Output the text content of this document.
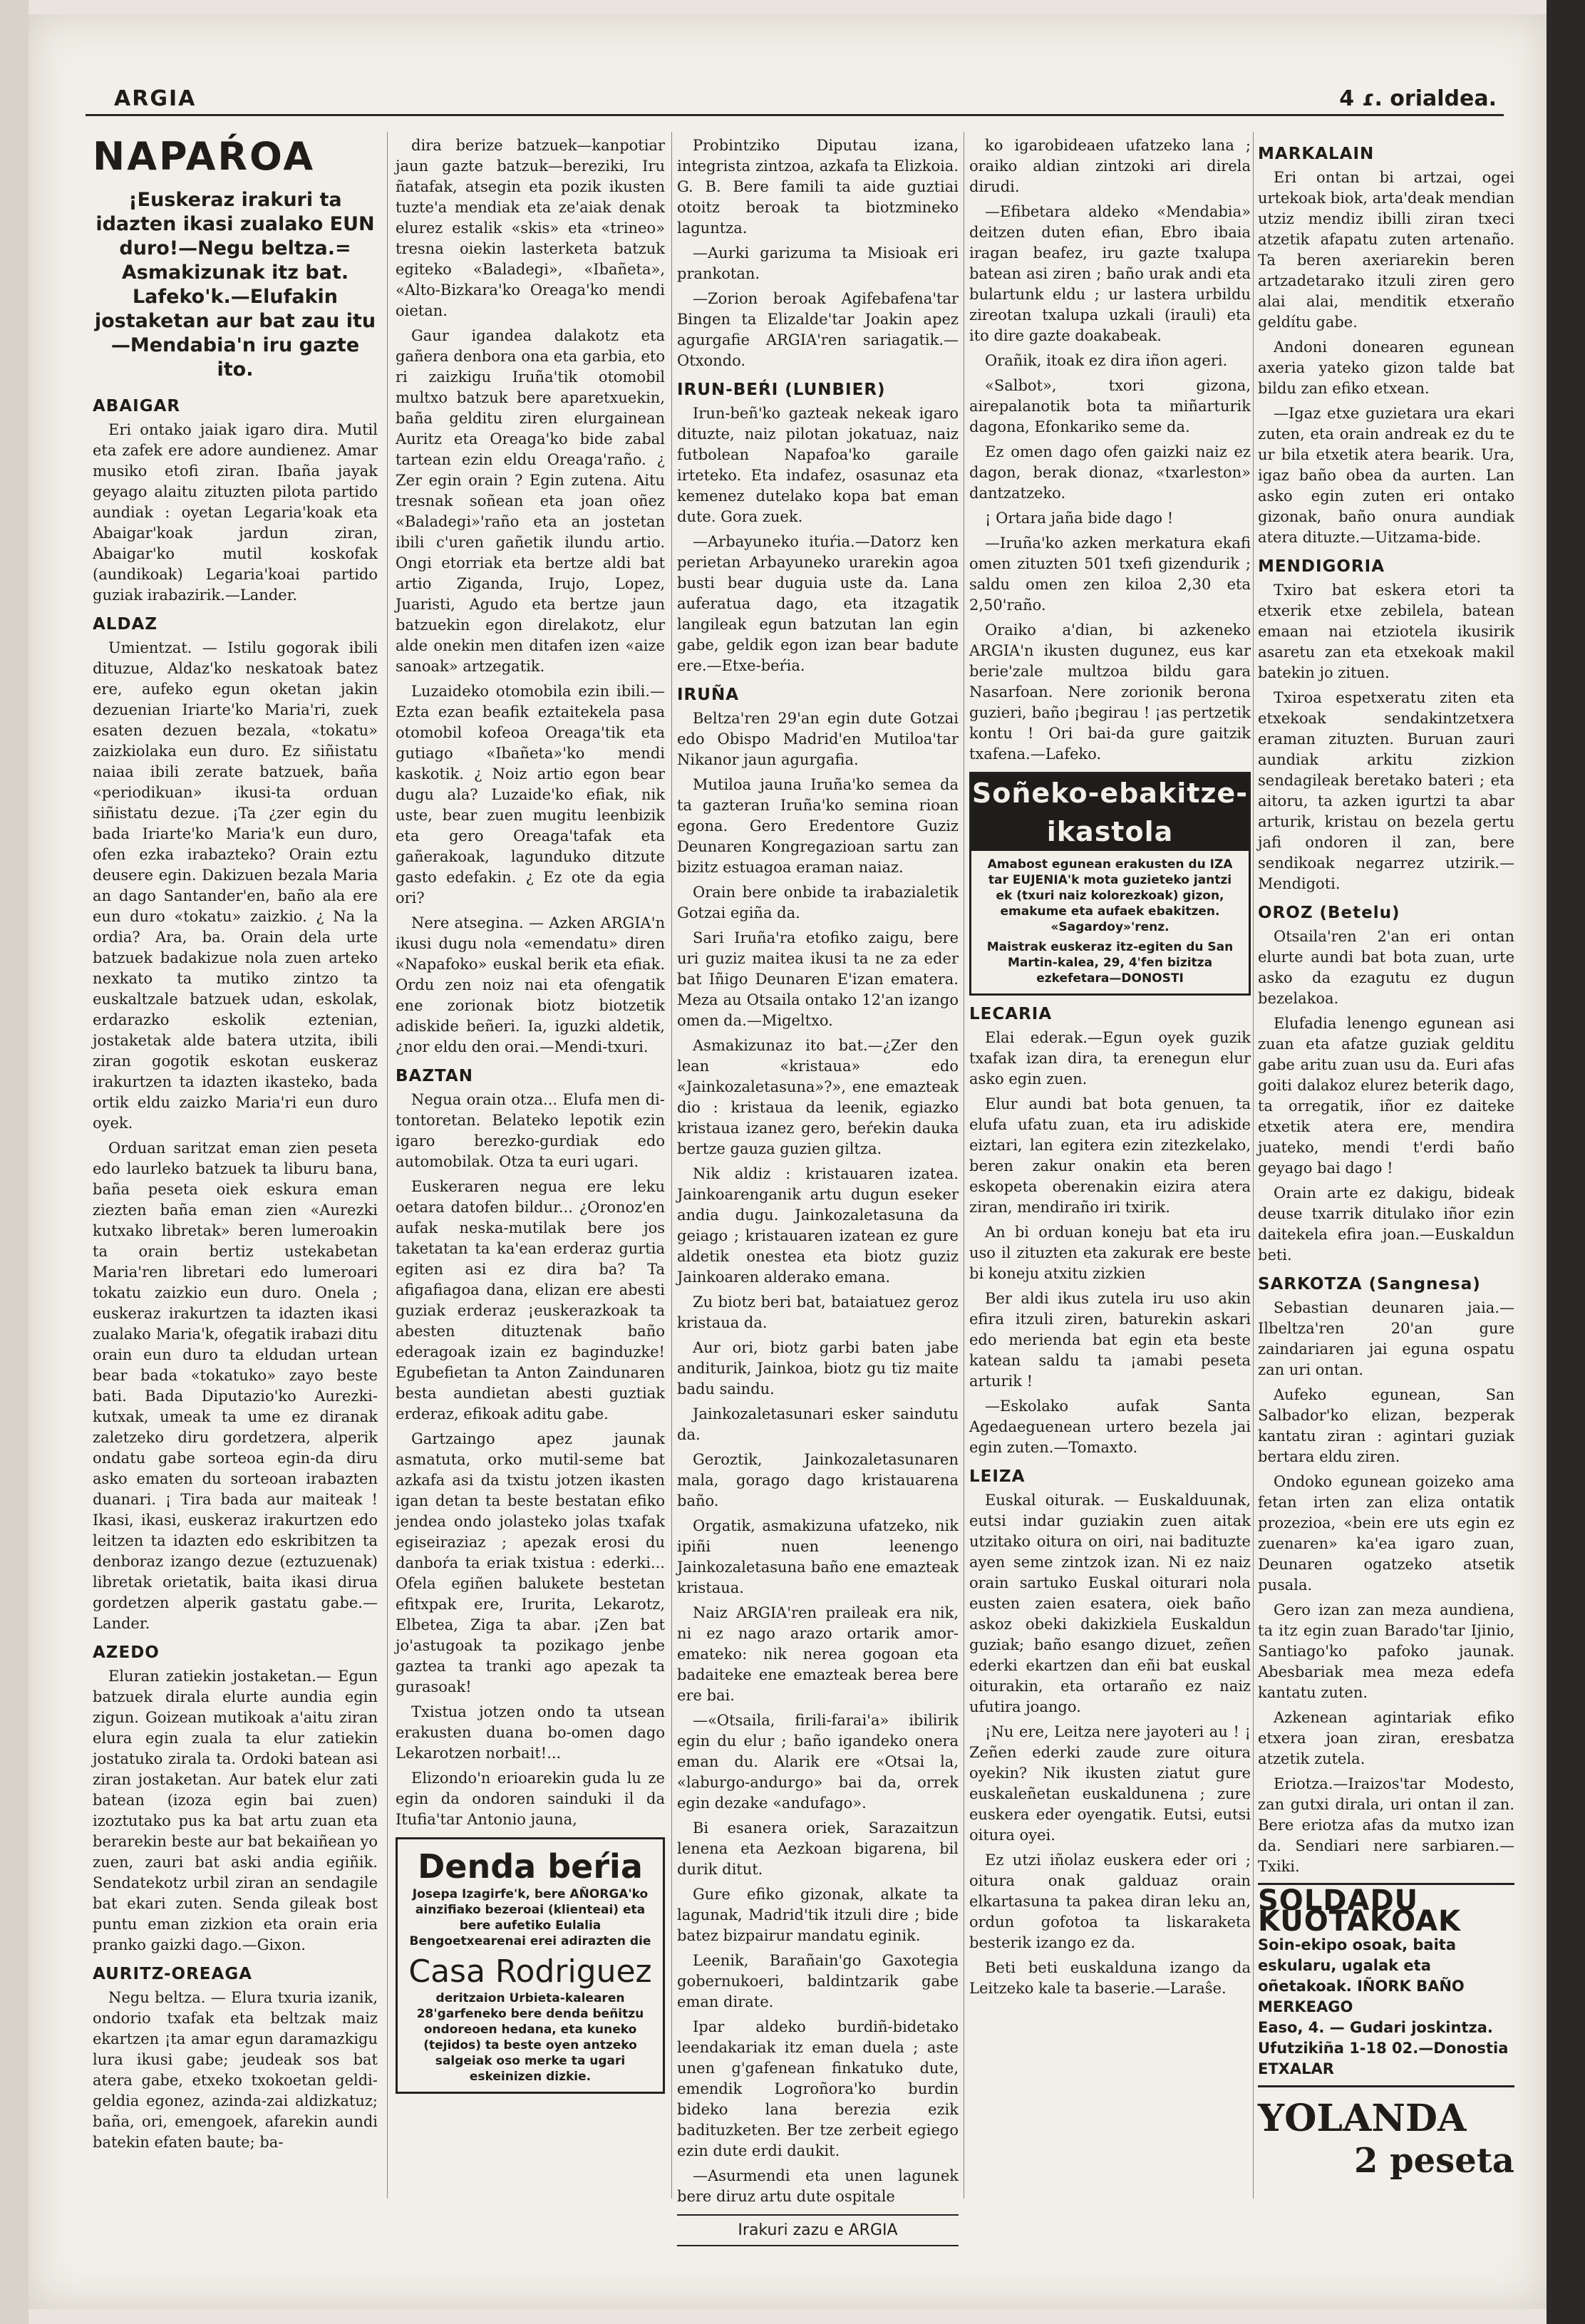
ARGIA	4 ɾ. orialdea.
NAPAŔOA
¡Euskeraz irakuri ta idazten ikasi zualako EUN duro!—Negu beltza.= Asmakizunak itz bat. Lafeko'k.—Elufakin jostaketan aur bat zau itu —Mendabia'n iru gazte ito.
ABAIGAR

Eri ontako jaiak igaro dira. Mutil eta zafek ere adore aundienez. Amar musiko etofi ziran. Ibaña jayak geyago alaitu zituzten pilota partido aundiak : oyetan Legaria'koak eta Abaigar'koak jardun ziran, Abaigar'ko mutil koskofak (aundikoak) Legaria'koai partido guziak irabazirik.—Lander.

ALDAZ

Umientzat. — Istilu gogorak ibili dituzue, Aldaz'ko neskatoak batez ere, aufeko egun oketan jakin dezuenian Iriarte'ko Maria'ri, zuek esaten dezuen bezala, «tokatu» zaizkiolaka eun duro. Ez siñistatu naiaa ibili zerate batzuek, baña «periodikuan» ikusi-ta orduan siñistatu dezue. ¡Ta ¿zer egin du bada Iriarte'ko Maria'k eun duro, ofen ezka irabazteko? Orain eztu deusere egin. Dakizuen bezala Maria an dago Santander'en, baño ala ere eun duro «tokatu» zaizkio. ¿ Na la ordia? Ara, ba. Orain dela urte batzuek badakizue nola zuen arteko nexkato ta mutiko zintzo ta euskaltzale batzuek udan, eskolak, erdarazko eskolik eztenian, jostaketak alde batera utzita, ibili ziran gogotik eskotan euskeraz irakurtzen ta idazten ikasteko, bada ortik eldu zaizko Maria'ri eun duro oyek.

Orduan saritzat eman zien peseta edo laurleko batzuek ta liburu bana, baña peseta oiek eskura eman ziezten baña eman zien «Aurezki kutxako libretak» beren lumeroakin ta orain bertiz ustekabetan Maria'ren libretari edo lumeroari tokatu zaizkio eun duro. Onela ; euskeraz irakurtzen ta idazten ikasi zualako Maria'k, ofegatik irabazi ditu orain eun duro ta eldudan urtean bear bada «tokatuko» zayo beste bati. Bada Diputazio'ko Aurezki-kutxak, umeak ta ume ez diranak zaletzeko diru gordetzera, alperik ondatu gabe sorteoa egin-da diru asko ematen du sorteoan irabazten duanari. ¡ Tira bada aur maiteak ! Ikasi, ikasi, euskeraz irakurtzen edo leitzen ta idazten edo eskribitzen ta denboraz izango dezue (eztuzuenak) libretak orietatik, baita ikasi dirua gordetzen alperik gastatu gabe.—Lander.

AZEDO

Eluran zatiekin jostaketan.— Egun batzuek dirala elurte aundia egin zigun. Goizean mutikoak a'aitu ziran elura egin zuala ta elur zatiekin jostatuko zirala ta. Ordoki batean asi ziran jostaketan. Aur batek elur zati batean (izoza egin bai zuen) izoztutako pus ka bat artu zuan eta berarekin beste aur bat bekaiñean yo zuen, zauri bat aski andia egiñik. Sendatekotz urbil ziran an sendagile bat ekari zuten. Senda gileak bost puntu eman zizkion eta orain eria pranko gaizki dago.—Gixon.

AURITZ-OREAGA

Negu beltza. — Elura txuria izanik, ondorio txafak eta beltzak maiz ekartzen ¡ta amar egun daramazkigu lura ikusi gabe; jeudeak sos bat atera gabe, etxeko txokoetan geldi-geldia egonez, azinda-zai aldizkatuz; baña, ori, emengoek, afarekin aundi batekin efaten baute; ba-

dira berize batzuek—kanpotiar jaun gazte batzuk—bereziki, Iru ñatafak, atsegin eta pozik ikusten tuzte'a mendiak eta ze'aiak denak elurez estalik «skis» eta «trineo» tresna oiekin lasterketa batzuk egiteko «Baladegi», «Ibañeta», «Alto-Bizkara'ko Oreaga'ko mendi oietan.

Gaur igandea dalakotz eta gañera denbora ona eta garbia, eto ri zaizkigu Iruña'tik otomobil multxo batzuk bere aparetxuekin, baña gelditu ziren elurgainean Auritz eta Oreaga'ko bide zabal tartean ezin eldu Oreaga'raño. ¿ Zer egin orain ? Egin zutena. Aitu tresnak soñean eta joan oñez «Baladegi»'raño eta an jostetan ibili c'uren gañetik ilundu artio. Ongi etorriak eta bertze aldi bat artio Ziganda, Irujo, Lopez, Juaristi, Agudo eta bertze jaun batzuekin egon direlakotz, elur alde onekin men ditafen izen «aize sanoak» artzegatik.

Luzaideko otomobila ezin ibili.—Ezta ezan beafik eztaitekela pasa otomobil kofeoa Oreaga'tik eta gutiago «Ibañeta»'ko mendi kaskotik. ¿ Noiz artio egon bear dugu ala? Luzaide'ko efiak, nik uste, bear zuen mugitu leenbizik eta gero Oreaga'tafak eta gañerakoak, lagunduko ditzute gasto edefakin. ¿ Ez ote da egia ori?

Nere atsegina. — Azken ARGIA'n ikusi dugu nola «emendatu» diren «Napafoko» euskal berik eta efiak. Ordu zen noiz nai eta ofengatik ene zorionak biotz biotzetik adiskide beñeri. Ia, iguzki aldetik, ¿nor eldu den orai.—Mendi-txuri.

BAZTAN

Negua orain otza... Elufa men di-tontoretan. Belateko lepotik ezin igaro berezko-gurdiak edo automobilak. Otza ta euri ugari.

Euskeraren negua ere leku oetara datofen bildur... ¿Oronoz'en aufak neska-mutilak bere jos taketatan ta ka'ean erderaz gurtia egiten asi ez dira ba? Ta afigafiagoa dana, elizan ere abesti guziak erderaz ¡euskerazkoak ta abesten dituztenak baño ederagoak izain ez baginduzke! Egubefietan ta Anton Zaindunaren besta aundietan abesti guztiak erderaz, efikoak aditu gabe.

Gartzaingo apez jaunak asmatuta, orko mutil-seme bat azkafa asi da txistu jotzen ikasten igan detan ta beste bestatan efiko jendea ondo jolasteko jolas txafak egiseiraziaz ; apezak erosi du danboŕa ta eriak txistua : ederki... Ofela egiñen balukete bestetan efitxpak ere, Irurita, Lekarotz, Elbetea, Ziga ta abar. ¡Zen bat jo'astugoak ta pozikago jenbe gaztea ta tranki ago apezak ta gurasoak!

Txistua jotzen ondo ta utsean erakusten duana bo-omen dago Lekarotzen norbait!...

Elizondo'n erioarekin guda lu ze egin da ondoren sainduki il da Itufia'tar Antonio jauna,

Denda beŕia
Josepa Izagirfe'k, bere AÑORGA'ko ainzifiako bezeroai (klienteai) eta bere aufetiko Eulalia Bengoetxearenai erei adirazten die
Casa Rodriguez
deritzaion Urbieta-kalearen 28'garfeneko bere denda beñitzu ondoreoen hedana, eta kuneko (tejidos) ta beste oyen antzeko salgeiak oso merke ta ugari eskeinizen dizkie.

Probintziko Diputau izana, integrista zintzoa, azkafa ta Elizkoia. G. B. Bere famili ta aide guztiai otoitz beroak ta biotzmineko laguntza.

—Aurki garizuma ta Misioak eri prankotan.

—Zorion beroak Agifebafena'tar Bingen ta Elizalde'tar Joakin apez agurgafie ARGIA'ren sariagatik.—Otxondo.

IRUN-BEŔI (LUNBIER)

Irun-beñ'ko gazteak nekeak igaro dituzte, naiz pilotan jokatuaz, naiz futbolean Napafoa'ko garaile irteteko. Eta indafez, osasunaz eta kemenez dutelako kopa bat eman dute. Gora zuek.

—Arbayuneko ituŕia.—Datorz ken perietan Arbayuneko urarekin agoa busti bear duguia uste da. Lana auferatua dago, eta itzagatik langileak egun batzutan lan egin gabe, geldik egon izan bear badute ere.—Etxe-beŕia.

IRUÑA

Beltza'ren 29'an egin dute Gotzai edo Obispo Madrid'en Mutiloa'tar Nikanor jaun agurgafia.

Mutiloa jauna Iruña'ko semea da ta gazteran Iruña'ko semina rioan egona. Gero Eredentore Guziz Deunaren Kongregazioan sartu zan bizitz estuagoa eraman naiaz.

Orain bere onbide ta irabazialetik Gotzai egiña da.

Sari Iruña'ra etofiko zaigu, bere uri guziz maitea ikusi ta ne za eder bat Iñigo Deunaren E'izan ematera. Meza au Otsaila ontako 12'an izango omen da.—Migeltxo.

Asmakizunaz ito bat.—¿Zer den lean «kristaua» edo «Jainkozaletasuna»?», ene emazteak dio : kristaua da leenik, egiazko kristaua izanez gero, beŕekin dauka bertze gauza guzien giltza.

Nik aldiz : kristauaren izatea. Jainkoarenganik artu dugun eseker andia dugu. Jainkozaletasuna da geiago ; kristauaren izatean ez gure aldetik onestea eta biotz guziz Jainkoaren alderako emana.

Zu biotz beri bat, bataiatuez geroz kristaua da.

Aur ori, biotz garbi baten jabe anditurik, Jainkoa, biotz gu tiz maite badu saindu.

Jainkozaletasunari esker saindutu da.

Geroztik, Jainkozaletasunaren mala, gorago dago kristauarena baño.

Orgatik, asmakizuna ufatzeko, nik ipiñi nuen leenengo Jainkozaletasuna baño ene emazteak kristaua.

Naiz ARGIA'ren praileak era nik, ni ez nago arazo ortarik amor-emateko: nik nerea gogoan eta badaiteke ene emazteak berea bere ere bai.

—«Otsaila, firili-farai'a» ibilirik egin du elur ; baño igandeko onera eman du. Alarik ere «Otsai la, «laburgo-andurgo» bai da, orrek egin dezake «andufago».

Bi esanera oriek, Sarazaitzun lenena eta Aezkoan bigarena, bil durik ditut.

Gure efiko gizonak, alkate ta lagunak, Madrid'tik itzuli dire ; bide batez bizpairur mandatu eginik.

Leenik, Barañain'go Gaxotegia gobernukoeri, baldintzarik gabe eman dirate.

Ipar aldeko burdiñ-bidetako leendakariak itz eman duela ; aste unen g'gafenean finkatuko dute, emendik Logroñora'ko burdin bideko lana berezia ezik badituzketen. Ber tze zerbeit egiego ezin dute erdi daukit.

—Asurmendi eta unen lagunek bere diruz artu dute ospitale

Irakuri zazu e ARGIA

ko igarobideaen ufatzeko lana ; oraiko aldian zintzoki ari direla dirudi.

—Efibetara aldeko «Mendabia» deitzen duten efian, Ebro ibaia iragan beafez, iru gazte txalupa batean asi ziren ; baño urak andi eta bulartunk eldu ; ur lastera urbildu zireotan txalupa uzkali (irauli) eta ito dire gazte doakabeak.

Orañik, itoak ez dira iñon ageri.

«Salbot», txori gizona, airepalanotik bota ta miñarturik dagona, Efonkariko seme da.

Ez omen dago ofen gaizki naiz ez dagon, berak dionaz, «txarleston» dantzatzeko.

¡ Ortara jaña bide dago !

—Iruña'ko azken merkatura ekafi omen zituzten 501 txefi gizendurik ; saldu omen zen kiloa 2,30 eta 2,50'raño.

Oraiko a'dian, bi azkeneko ARGIA'n ikusten dugunez, eus kar berie'zale multzoa bildu gara Nasarfoan. Nere zorionik berona guzieri, baño ¡begirau ! ¡as pertzetik kontu ! Ori bai-da gure gaitzik txafena.—Lafeko.

Soñeko-ebakitze-ikastola
Amabost egunean erakusten du IZA tar EUJENIA'k mota guzieteko jantzi ek (txuri naiz kolorezkoak) gizon, emakume eta aufaek ebakitzen. «Sagardoy»'renz.
Maistrak euskeraz itz-egiten du San Martin-kalea, 29, 4'fen bizitza ezkefetara—DONOSTI
LECARIA

Elai ederak.—Egun oyek guzik txafak izan dira, ta erenegun elur asko egin zuen.

Elur aundi bat bota genuen, ta elufa ufatu zuan, eta iru adiskide eiztari, lan egitera ezin zitezkelako, beren zakur onakin eta beren eskopeta oberenakin eizira atera ziran, mendiraño iri txirik.

An bi orduan koneju bat eta iru uso il zituzten eta zakurak ere beste bi koneju atxitu zizkien

Ber aldi ikus zutela iru uso akin efira itzuli ziren, baturekin askari edo merienda bat egin eta beste katean saldu ta ¡amabi peseta arturik !

—Eskolako aufak Santa Agedaeguenean urtero bezela jai egin zuten.—Tomaxto.

LEIZA

Euskal oiturak. — Euskalduunak, eutsi indar guziakin zuen aitak utzitako oitura on oiri, nai badituzte ayen seme zintzok izan. Ni ez naiz orain sartuko Euskal oiturari nola eusten zaien esatera, oiek baño askoz obeki dakizkiela Euskaldun guziak; baño esango dizuet, zeñen ederki ekartzen dan eñi bat euskal oiturakin, eta ortaraño ez naiz ufutira joango.

¡Nu ere, Leitza nere jayoteri au ! ¡ Zeñen ederki zaude zure oitura oyekin? Nik ikusten ziatut gure euskaleñetan euskaldunena ; zure euskera eder oyengatik. Eutsi, eutsi oitura oyei.

Ez utzi iñolaz euskera eder ori ; oitura onak galduaz orain elkartasuna ta pakea diran leku an, ordun gofotoa ta liskaraketa besterik izango ez da.

Beti beti euskalduna izango da Leitzeko kale ta baserie.—Laraŝe.

MARKALAIN

Eri ontan bi artzai, ogei urtekoak biok, arta'deak mendian utziz mendiz ibilli ziran txeci atzetik afapatu zuten artenaño. Ta beren axeriarekin beren artzadetarako itzuli ziren gero alai alai, menditik etxeraño geldítu gabe.

Andoni donearen egunean axeria yateko gizon talde bat bildu zan efiko etxean.

—Igaz etxe guzietara ura ekari zuten, eta orain andreak ez du te ur bila etxetik atera bearik. Ura, igaz baño obea da aurten. Lan asko egin zuten eri ontako gizonak, baño onura aundiak atera dituzte.—Uitzama-bide.

MENDIGORIA

Txiro bat eskera etori ta etxerik etxe zebilela, batean emaan nai etziotela ikusirik asaretu zan eta etxekoak makil batekin jo zituen.

Txiroa espetxeratu ziten eta etxekoak sendakintzetxera eraman zituzten. Buruan zauri aundiak arkitu zizkion sendagileak beretako bateri ; eta aitoru, ta azken igurtzi ta abar arturik, kristau on bezela gertu jafi ondoren il zan, bere sendikoak negarrez utzirik.—Mendigoti.

OROZ (Betelu)

Otsaila'ren 2'an eri ontan elurte aundi bat bota zuan, urte asko da ezagutu ez dugun bezelakoa.

Elufadia lenengo egunean asi zuan eta afatze guziak gelditu gabe aritu zuan usu da. Euri afas goiti dalakoz elurez beterik dago, ta orregatik, iñor ez daiteke etxetik atera ere, mendira juateko, mendi t'erdi baño geyago bai dago !

Orain arte ez dakigu, bideak deuse txarrik ditulako iñor ezin daitekela efira joan.—Euskaldun beti.

SARKOTZA (Sangnesa)

Sebastian deunaren jaia.— Ilbeltza'ren 20'an gure zaindariaren jai eguna ospatu zan uri ontan.

Aufeko egunean, San Salbador'ko elizan, bezperak kantatu ziran : agintari guziak bertara eldu ziren.

Ondoko egunean goizeko ama fetan irten zan eliza ontatik prozezioa, «bein ere uts egin ez zuenaren» ka'ea igaro zuan, Deunaren ogatzeko atsetik pusala.

Gero izan zan meza aundiena, ta itz egin zuan Barado'tar Ijinio, Santiago'ko pafoko jaunak. Abesbariak mea meza edefa kantatu zuten.

Azkenean agintariak efiko etxera joan ziran, eresbatza atzetik zutela.

Eriotza.—Iraizos'tar Modesto, zan gutxi dirala, uri ontan il zan. Bere eriotza afas da mutxo izan da. Sendiari nere sarbiaren.—Txiki.

SOLDADU KUOTAKOAK
Soin-ekipo osoak, baita eskularu, ugalak eta oñetakoak. IÑORK BAÑO MERKEAGO
Easo, 4. — Gudari joskintza. Ufutzikiña 1-18 02.—Donostia ETXALAR
YOLANDA
2 peseta
